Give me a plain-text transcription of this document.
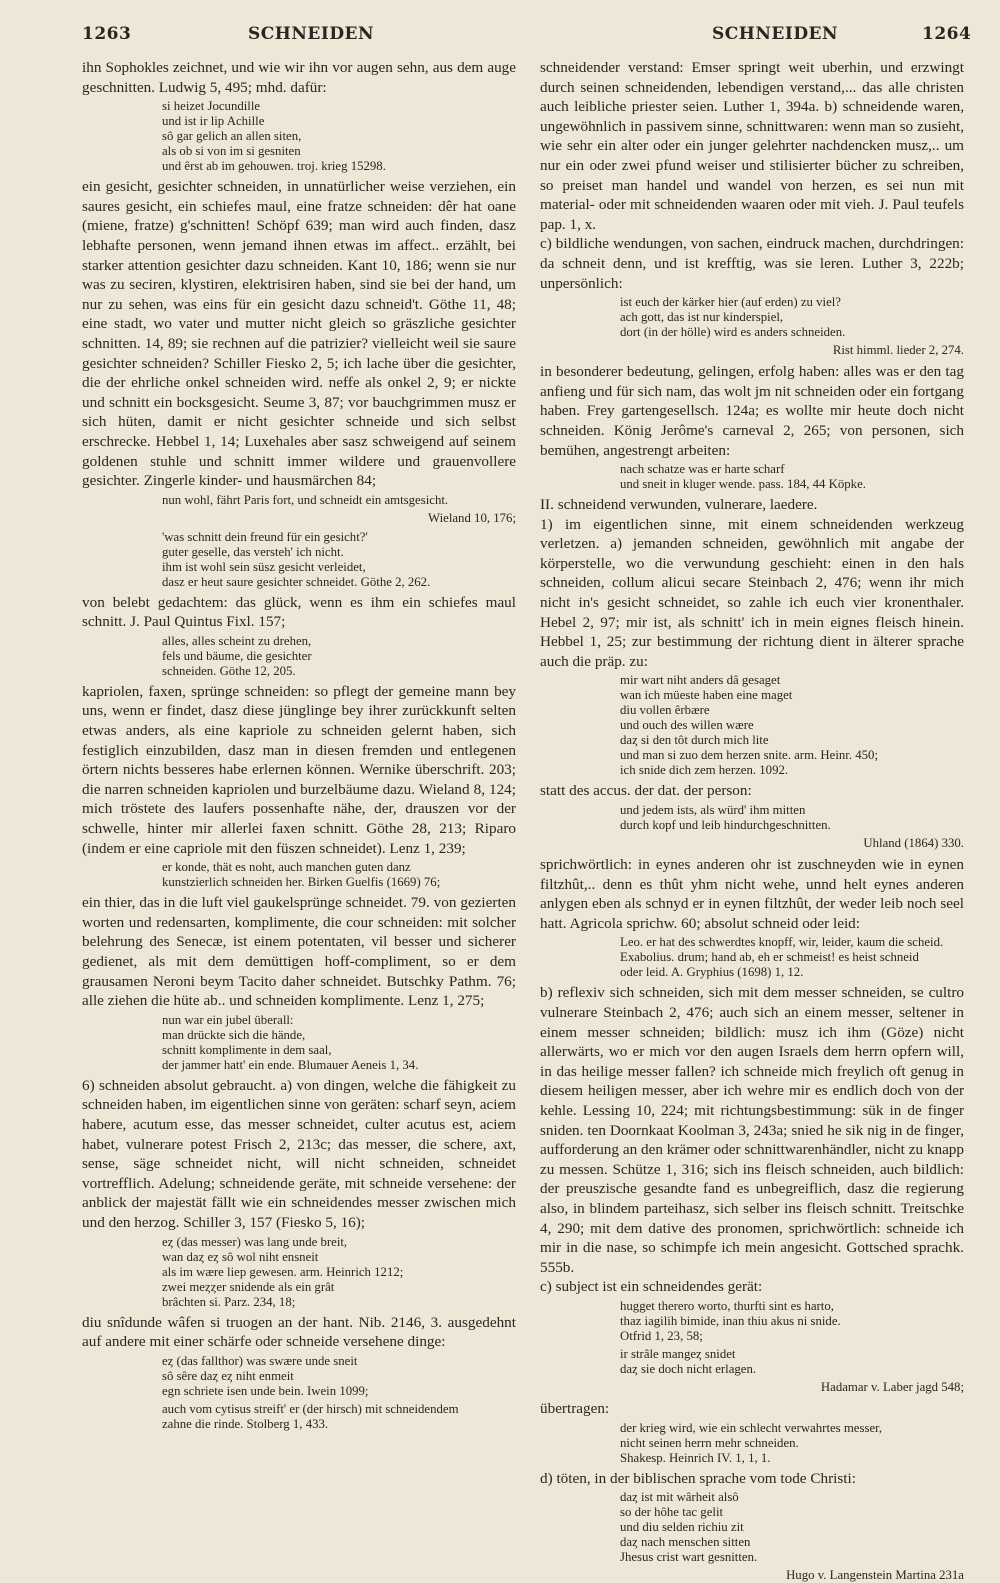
1263	SCHNEIDEN	SCHNEIDEN	1264

ihn Sophokles zeichnet, und wie wir ihn vor augen sehn, aus dem auge geschnitten. Ludwig 5, 495; mhd. dafür:

si heizet Jocundille
und ist ir lip Achille
sô gar gelich an allen siten,
als ob si von im si gesniten
und êrst ab im gehouwen. troj. krieg 15298.

ein gesicht, gesichter schneiden, in unnatürlicher weise verziehen, ein saures gesicht, ein schiefes maul, eine fratze schneiden: dêr hat oane (miene, fratze) g'schnitten! Schöpf 639; man wird auch finden, dasz lebhafte personen, wenn jemand ihnen etwas im affect.. erzählt, bei starker attention gesichter dazu schneiden. Kant 10, 186; wenn sie nur was zu seciren, klystiren, elektrisiren haben, sind sie bei der hand, um nur zu sehen, was eins für ein gesicht dazu schneid't. Göthe 11, 48; eine stadt, wo vater und mutter nicht gleich so gräszliche gesichter schnitten. 14, 89; sie rechnen auf die patrizier? vielleicht weil sie saure gesichter schneiden? Schiller Fiesko 2, 5; ich lache über die gesichter, die der ehrliche onkel schneiden wird. neffe als onkel 2, 9; er nickte und schnitt ein bocksgesicht. Seume 3, 87; vor bauchgrimmen musz er sich hüten, damit er nicht gesichter schneide und sich selbst erschrecke. Hebbel 1, 14; Luxehales aber sasz schweigend auf seinem goldenen stuhle und schnitt immer wildere und grauenvollere gesichter. Zingerle kinder- und hausmärchen 84;

nun wohl, fährt Paris fort, und schneidt ein amtsgesicht.

Wieland 10, 176;

'was schnitt dein freund für ein gesicht?'
guter geselle, das versteh' ich nicht.
ihm ist wohl sein süsz gesicht verleidet,
dasz er heut saure gesichter schneidet. Göthe 2, 262.

von belebt gedachtem: das glück, wenn es ihm ein schiefes maul schnitt. J. Paul Quintus Fixl. 157;

alles, alles scheint zu drehen,
fels und bäume, die gesichter
schneiden. Göthe 12, 205.

kapriolen, faxen, sprünge schneiden: so pflegt der gemeine mann bey uns, wenn er findet, dasz diese jünglinge bey ihrer zurückkunft selten etwas anders, als eine kapriole zu schneiden gelernt haben, sich festiglich einzubilden, dasz man in diesen fremden und entlegenen örtern nichts besseres habe erlernen können. Wernike überschrift. 203; die narren schneiden kapriolen und burzelbäume dazu. Wieland 8, 124; mich tröstete des laufers possenhafte nähe, der, drauszen vor der schwelle, hinter mir allerlei faxen schnitt. Göthe 28, 213; Riparo (indem er eine capriole mit den füszen schneidet). Lenz 1, 239;

er konde, thät es noht, auch manchen guten danz
kunstzierlich schneiden her. Birken Guelfis (1669) 76;

ein thier, das in die luft viel gaukelsprünge schneidet. 79. von gezierten worten und redensarten, komplimente, die cour schneiden: mit solcher belehrung des Senecæ, ist einem potentaten, vil besser und sicherer gedienet, als mit dem demüttigen hoff-compliment, so er dem grausamen Neroni beym Tacito daher schneidet. Butschky Pathm. 76; alle ziehen die hüte ab.. und schneiden komplimente. Lenz 1, 275;

nun war ein jubel überall:
man drückte sich die hände,
schnitt komplimente in dem saal,
der jammer hatt' ein ende. Blumauer Aeneis 1, 34.

6) schneiden absolut gebraucht. a) von dingen, welche die fähigkeit zu schneiden haben, im eigentlichen sinne von geräten: scharf seyn, aciem habere, acutum esse, das messer schneidet, culter acutus est, aciem habet, vulnerare potest Frisch 2, 213c; das messer, die schere, axt, sense, säge schneidet nicht, will nicht schneiden, schneidet vortrefflich. Adelung; schneidende geräte, mit schneide versehene: der anblick der majestät fällt wie ein schneidendes messer zwischen mich und den herzog. Schiller 3, 157 (Fiesko 5, 16);

eȥ (das messer) was lang unde breit,
wan daȥ eȥ sô wol niht ensneit
als im wære liep gewesen. arm. Heinrich 1212;
zwei meȥȥer snidende als ein grât
brâchten si. Parz. 234, 18;

diu snîdunde wâfen si truogen an der hant. Nib. 2146, 3. ausgedehnt auf andere mit einer schärfe oder schneide versehene dinge:

eȥ (das fallthor) was swære unde sneit
sô sêre daȥ eȥ niht enmeit
egn schriete isen unde bein. Iwein 1099;

auch vom cytisus streift' er (der hirsch) mit schneidendem
zahne die rinde. Stolberg 1, 433.

schneidender verstand: Emser springt weit uberhin, und erzwingt durch seinen schneidenden, lebendigen verstand,... das alle christen auch leibliche priester seien. Luther 1, 394a. b) schneidende waren, ungewöhnlich in passivem sinne, schnittwaren: wenn man so zusieht, wie sehr ein alter oder ein junger gelehrter nachdencken musz,.. um nur ein oder zwei pfund weiser und stilisierter bücher zu schreiben, so preiset man handel und wandel von herzen, es sei nun mit material- oder mit schneidenden waaren oder mit vieh. J. Paul teufels pap. 1, x.

c) bildliche wendungen, von sachen, eindruck machen, durchdringen: da schneit denn, und ist krefftig, was sie leren. Luther 3, 222b; unpersönlich:

ist euch der kärker hier (auf erden) zu viel?
ach gott, das ist nur kinderspiel,
dort (in der hölle) wird es anders schneiden.

Rist himml. lieder 2, 274.

in besonderer bedeutung, gelingen, erfolg haben: alles was er den tag anfieng und für sich nam, das wolt jm nit schneiden oder ein fortgang haben. Frey gartengesellsch. 124a; es wollte mir heute doch nicht schneiden. König Jerôme's carneval 2, 265; von personen, sich bemühen, angestrengt arbeiten:

nach schatze was er harte scharf
und sneit in kluger wende. pass. 184, 44 Köpke.

II. schneidend verwunden, vulnerare, laedere.

1) im eigentlichen sinne, mit einem schneidenden werkzeug verletzen. a) jemanden schneiden, gewöhnlich mit angabe der körperstelle, wo die verwundung geschieht: einen in den hals schneiden, collum alicui secare Steinbach 2, 476; wenn ihr mich nicht in's gesicht schneidet, so zahle ich euch vier kronenthaler. Hebel 2, 97; mir ist, als schnitt' ich in mein eignes fleisch hinein. Hebbel 1, 25; zur bestimmung der richtung dient in älterer sprache auch die präp. zu:

mir wart niht anders dâ gesaget
wan ich müeste haben eine maget
diu vollen êrbære
und ouch des willen wære
daȥ si den tôt durch mich lite
und man si zuo dem herzen snite. arm. Heinr. 450;
ich snide dich zem herzen. 1092.

statt des accus. der dat. der person:

und jedem ists, als würd' ihm mitten
durch kopf und leib hindurchgeschnitten.

Uhland (1864) 330.

sprichwörtlich: in eynes anderen ohr ist zuschneyden wie in eynen filtzhût,.. denn es thût yhm nicht wehe, unnd helt eynes anderen anlygen eben als schnyd er in eynen filtzhût, der weder leib noch seel hatt. Agricola sprichw. 60; absolut schneid oder leid:

Leo. er hat des schwerdtes knopff, wir, leider, kaum die scheid.
Exabolius. drum; hand ab, eh er schmeist! es heist schneid
oder leid. A. Gryphius (1698) 1, 12.

b) reflexiv sich schneiden, sich mit dem messer schneiden, se cultro vulnerare Steinbach 2, 476; auch sich an einem messer, seltener in einem messer schneiden; bildlich: musz ich ihm (Göze) nicht allerwärts, wo er mich vor den augen Israels dem herrn opfern will, in das heilige messer fallen? ich schneide mich freylich oft genug in diesem heiligen messer, aber ich wehre mir es endlich doch von der kehle. Lessing 10, 224; mit richtungsbestimmung: sük in de finger sniden. ten Doornkaat Koolman 3, 243a; snied he sik nig in de finger, aufforderung an den krämer oder schnittwarenhändler, nicht zu knapp zu messen. Schütze 1, 316; sich ins fleisch schneiden, auch bildlich: der preuszische gesandte fand es unbegreiflich, dasz die regierung also, in blindem parteihasz, sich selber ins fleisch schnitt. Treitschke 4, 290; mit dem dative des pronomen, sprichwörtlich: schneide ich mir in die nase, so schimpfe ich mein angesicht. Gottsched sprachk. 555b.

c) subject ist ein schneidendes gerät:

hugget therero worto, thurfti sint es harto,
thaz iagilih bimide, inan thiu akus ni snide.
Otfrid 1, 23, 58;

ir strâle mangeȥ snidet
daȥ sie doch nicht erlagen.

Hadamar v. Laber jagd 548;

übertragen:

der krieg wird, wie ein schlecht verwahrtes messer,
nicht seinen herrn mehr schneiden.
Shakesp. Heinrich IV. 1, 1, 1.

d) töten, in der biblischen sprache vom tode Christi:

daȥ ist mit wârheit alsô
so der hôhe tac gelit
und diu selden richiu zit
daȥ nach menschen sitten
Jhesus crist wart gesnitten.

Hugo v. Langenstein Martina 231a
